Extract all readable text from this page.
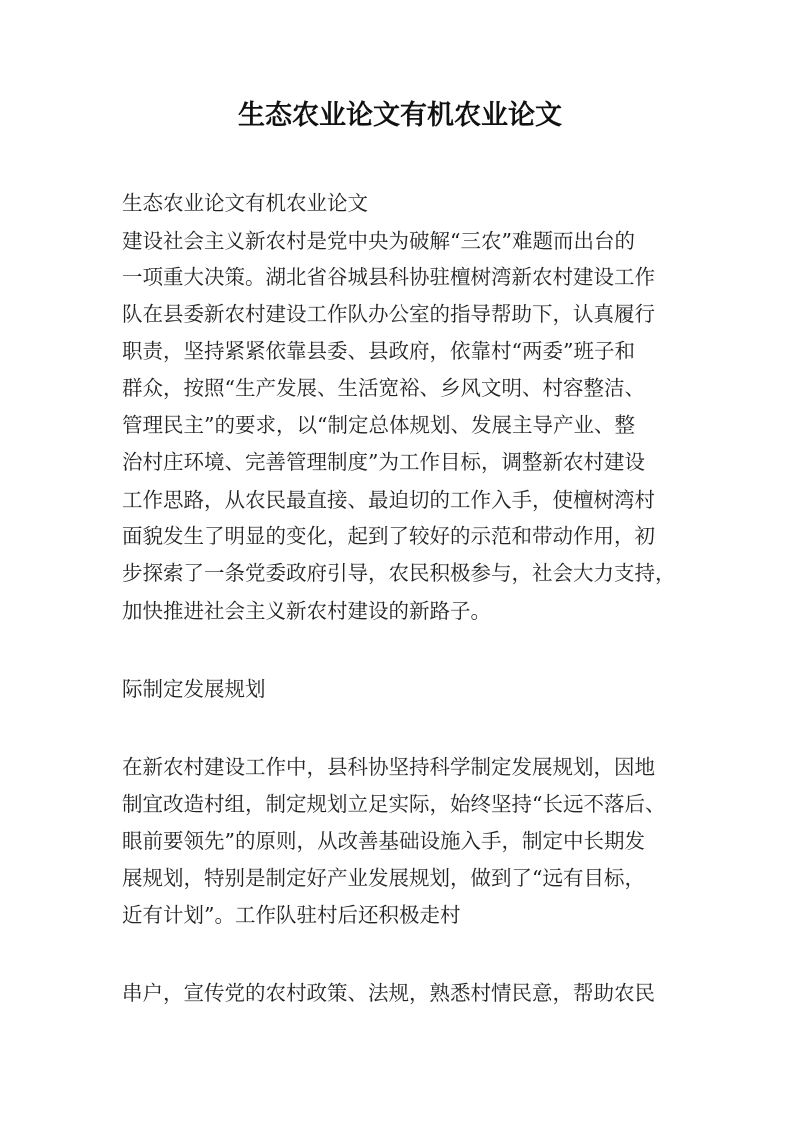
生态农业论文有机农业论文
生态农业论文有机农业论文
建设社会主义新农村是党中央为破解“三农”难题而出台的
一项重大决策。湖北省谷城县科协驻檀树湾新农村建设工作
队在县委新农村建设工作队办公室的指导帮助下，认真履行
职责，坚持紧紧依靠县委、县政府，依靠村“两委”班子和
群众，按照“生产发展、生活宽裕、乡风文明、村容整洁、
管理民主”的要求，以“制定总体规划、发展主导产业、整
治村庄环境、完善管理制度”为工作目标，调整新农村建设
工作思路，从农民最直接、最迫切的工作入手，使檀树湾村
面貌发生了明显的变化，起到了较好的示范和带动作用，初
步探索了一条党委政府引导，农民积极参与，社会大力支持，
加快推进社会主义新农村建设的新路子。
际制定发展规划
在新农村建设工作中，县科协坚持科学制定发展规划，因地
制宜改造村组，制定规划立足实际，始终坚持“长远不落后、
眼前要领先”的原则，从改善基础设施入手，制定中长期发
展规划，特别是制定好产业发展规划，做到了“远有目标，
近有计划”。工作队驻村后还积极走村
串户，宣传党的农村政策、法规，熟悉村情民意，帮助农民
